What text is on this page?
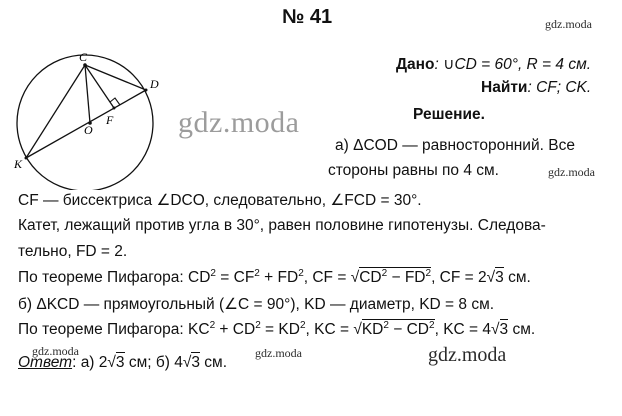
№ 41	gdz.moda
C
D
F
O
K
Дано: ∪CD = 60°, R = 4 см.
Найти: CF; CK.
Решение.
gdz.moda
а) ΔCOD — равносторонний. Все
gdz.moda
стороны равны по 4 см.
CF — биссектриса ∠DCO, следовательно, ∠FCD = 30°.
Катет, лежащий против угла в 30°, равен половине гипотенузы. Следова-
тельно, FD = 2.
По теореме Пифагора: $CD^2 = CF^2 + FD^2$, CF = $√CD^2 - FD^2$, CF = 2√3 см.
б) ΔKCD — прямоугольный (∠C = 90°), KD — диаметр, KD = 8 см.
По теореме Пифагора: $KC^2 + CD^2 = KD^2$, KC = $√KD^2 - CD^2$, KC = 4√3 см.
gdz.moda
Ответ: а) 2√3 см; б) 4√3 см.
gdz.moda	gdz.moda
